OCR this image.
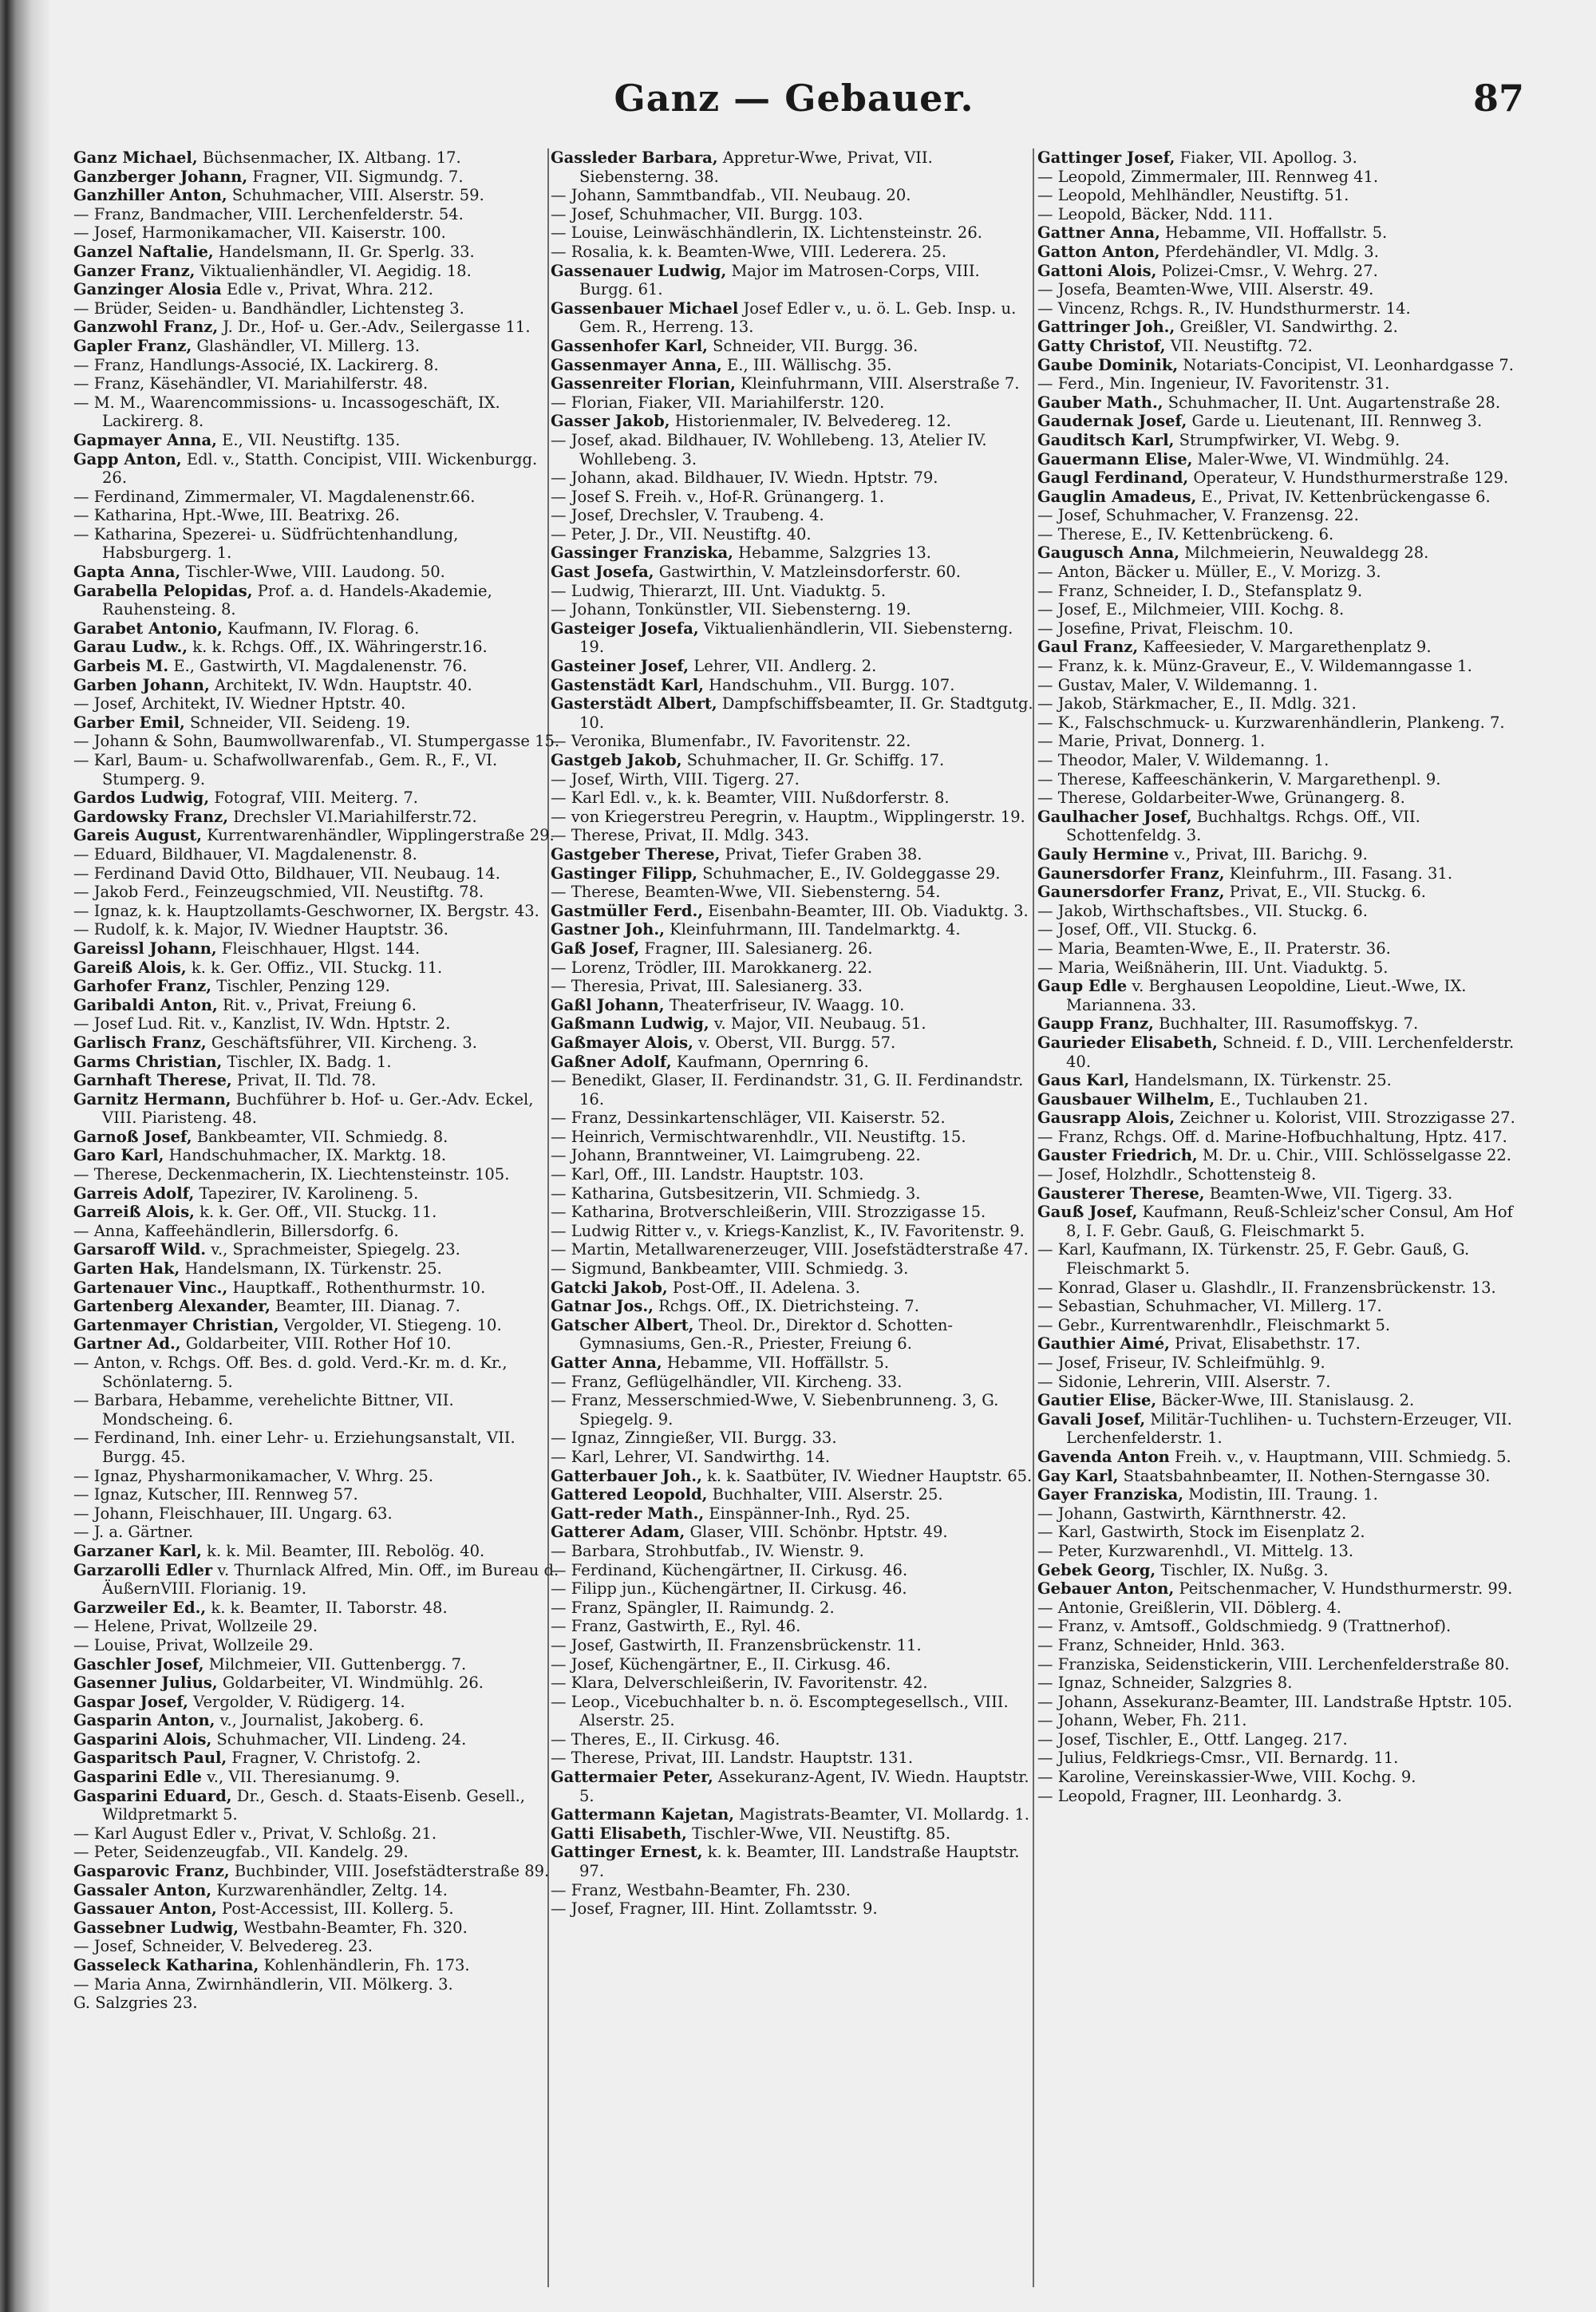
Ganz — Gebauer.	87

Ganz Michael, Büchsenmacher, IX. Altbang. 17.

Ganzberger Johann, Fragner, VII. Sigmundg. 7.

Ganzhiller Anton, Schuhmacher, VIII. Alserstr. 59.

— Franz, Bandmacher, VIII. Lerchenfelderstr. 54.

— Josef, Harmonikamacher, VII. Kaiserstr. 100.

Ganzel Naftalie, Handelsmann, II. Gr. Sperlg. 33.

Ganzer Franz, Viktualienhändler, VI. Aegidig. 18.

Ganzinger Alosia Edle v., Privat, Whra. 212.

— Brüder, Seiden- u. Bandhändler, Lichtensteg 3.

Ganzwohl Franz, J. Dr., Hof- u. Ger.-Adv., Seilergasse 11.

Gapler Franz, Glashändler, VI. Millerg. 13.

— Franz, Handlungs-Associé, IX. Lackirerg. 8.

— Franz, Käsehändler, VI. Mariahilferstr. 48.

— M. M., Waarencommissions- u. Incassogeschäft, IX. Lackirerg. 8.

Gapmayer Anna, E., VII. Neustiftg. 135.

Gapp Anton, Edl. v., Statth. Concipist, VIII. Wickenburgg. 26.

— Ferdinand, Zimmermaler, VI. Magdalenenstr.66.

— Katharina, Hpt.-Wwe, III. Beatrixg. 26.

— Katharina, Spezerei- u. Südfrüchtenhandlung, Habsburgerg. 1.

Gapta Anna, Tischler-Wwe, VIII. Laudong. 50.

Garabella Pelopidas, Prof. a. d. Handels-Akademie, Rauhensteing. 8.

Garabet Antonio, Kaufmann, IV. Florag. 6.

Garau Ludw., k. k. Rchgs. Off., IX. Währingerstr.16.

Garbeis M. E., Gastwirth, VI. Magdalenenstr. 76.

Garben Johann, Architekt, IV. Wdn. Hauptstr. 40.

— Josef, Architekt, IV. Wiedner Hptstr. 40.

Garber Emil, Schneider, VII. Seideng. 19.

— Johann & Sohn, Baumwollwarenfab., VI. Stumpergasse 15.

— Karl, Baum- u. Schafwollwarenfab., Gem. R., F., VI. Stumperg. 9.

Gardos Ludwig, Fotograf, VIII. Meiterg. 7.

Gardowsky Franz, Drechsler VI.Mariahilferstr.72.

Gareis August, Kurrentwarenhändler, Wipplingerstraße 29.

— Eduard, Bildhauer, VI. Magdalenenstr. 8.

— Ferdinand David Otto, Bildhauer, VII. Neubaug. 14.

— Jakob Ferd., Feinzeugschmied, VII. Neustiftg. 78.

— Ignaz, k. k. Hauptzollamts-Geschworner, IX. Bergstr. 43.

— Rudolf, k. k. Major, IV. Wiedner Hauptstr. 36.

Gareissl Johann, Fleischhauer, Hlgst. 144.

Gareiß Alois, k. k. Ger. Offiz., VII. Stuckg. 11.

Garhofer Franz, Tischler, Penzing 129.

Garibaldi Anton, Rit. v., Privat, Freiung 6.

— Josef Lud. Rit. v., Kanzlist, IV. Wdn. Hptstr. 2.

Garlisch Franz, Geschäftsführer, VII. Kircheng. 3.

Garms Christian, Tischler, IX. Badg. 1.

Garnhaft Therese, Privat, II. Tld. 78.

Garnitz Hermann, Buchführer b. Hof- u. Ger.-Adv. Eckel, VIII. Piaristeng. 48.

Garnoß Josef, Bankbeamter, VII. Schmiedg. 8.

Garo Karl, Handschuhmacher, IX. Marktg. 18.

— Therese, Deckenmacherin, IX. Liechtensteinstr. 105.

Garreis Adolf, Tapezirer, IV. Karolineng. 5.

Garreiß Alois, k. k. Ger. Off., VII. Stuckg. 11.

— Anna, Kaffeehändlerin, Billersdorfg. 6.

Garsaroff Wild. v., Sprachmeister, Spiegelg. 23.

Garten Hak, Handelsmann, IX. Türkenstr. 25.

Gartenauer Vinc., Hauptkaff., Rothenthurmstr. 10.

Gartenberg Alexander, Beamter, III. Dianag. 7.

Gartenmayer Christian, Vergolder, VI. Stiegeng. 10.

Gartner Ad., Goldarbeiter, VIII. Rother Hof 10.

— Anton, v. Rchgs. Off. Bes. d. gold. Verd.-Kr. m. d. Kr., Schönlaterng. 5.

— Barbara, Hebamme, verehelichte Bittner, VII. Mondscheing. 6.

— Ferdinand, Inh. einer Lehr- u. Erziehungsanstalt, VII. Burgg. 45.

— Ignaz, Physharmonikamacher, V. Whrg. 25.

— Ignaz, Kutscher, III. Rennweg 57.

— Johann, Fleischhauer, III. Ungarg. 63.

— J. a. Gärtner.

Garzaner Karl, k. k. Mil. Beamter, III. Rebolög. 40.

Garzarolli Edler v. Thurnlack Alfred, Min. Off., im Bureau d. ÄußernVIII. Florianig. 19.

Garzweiler Ed., k. k. Beamter, II. Taborstr. 48.

— Helene, Privat, Wollzeile 29.

— Louise, Privat, Wollzeile 29.

Gaschler Josef, Milchmeier, VII. Guttenbergg. 7.

Gasenner Julius, Goldarbeiter, VI. Windmühlg. 26.

Gaspar Josef, Vergolder, V. Rüdigerg. 14.

Gasparin Anton, v., Journalist, Jakoberg. 6.

Gasparini Alois, Schuhmacher, VII. Lindeng. 24.

Gasparitsch Paul, Fragner, V. Christofg. 2.

Gasparini Edle v., VII. Theresianumg. 9.

Gasparini Eduard, Dr., Gesch. d. Staats-Eisenb. Gesell., Wildpretmarkt 5.

— Karl August Edler v., Privat, V. Schloßg. 21.

— Peter, Seidenzeugfab., VII. Kandelg. 29.

Gasparovic Franz, Buchbinder, VIII. Josefstädterstraße 89.

Gassaler Anton, Kurzwarenhändler, Zeltg. 14.

Gassauer Anton, Post-Accessist, III. Kollerg. 5.

Gassebner Ludwig, Westbahn-Beamter, Fh. 320.

— Josef, Schneider, V. Belvedereg. 23.

Gasseleck Katharina, Kohlenhändlerin, Fh. 173.

— Maria Anna, Zwirnhändlerin, VII. Mölkerg. 3.

G. Salzgries 23.

Gassleder Barbara, Appretur-Wwe, Privat, VII. Siebensterng. 38.

— Johann, Sammtbandfab., VII. Neubaug. 20.

— Josef, Schuhmacher, VII. Burgg. 103.

— Louise, Leinwäschhändlerin, IX. Lichtensteinstr. 26.

— Rosalia, k. k. Beamten-Wwe, VIII. Lederera. 25.

Gassenauer Ludwig, Major im Matrosen-Corps, VIII. Burgg. 61.

Gassenbauer Michael Josef Edler v., u. ö. L. Geb. Insp. u. Gem. R., Herreng. 13.

Gassenhofer Karl, Schneider, VII. Burgg. 36.

Gassenmayer Anna, E., III. Wällischg. 35.

Gassenreiter Florian, Kleinfuhrmann, VIII. Alserstraße 7.

— Florian, Fiaker, VII. Mariahilferstr. 120.

Gasser Jakob, Historienmaler, IV. Belvedereg. 12.

— Josef, akad. Bildhauer, IV. Wohllebeng. 13, Atelier IV. Wohllebeng. 3.

— Johann, akad. Bildhauer, IV. Wiedn. Hptstr. 79.

— Josef S. Freih. v., Hof-R. Grünangerg. 1.

— Josef, Drechsler, V. Traubeng. 4.

— Peter, J. Dr., VII. Neustiftg. 40.

Gassinger Franziska, Hebamme, Salzgries 13.

Gast Josefa, Gastwirthin, V. Matzleinsdorferstr. 60.

— Ludwig, Thierarzt, III. Unt. Viaduktg. 5.

— Johann, Tonkünstler, VII. Siebensterng. 19.

Gasteiger Josefa, Viktualienhändlerin, VII. Siebensterng. 19.

Gasteiner Josef, Lehrer, VII. Andlerg. 2.

Gastenstädt Karl, Handschuhm., VII. Burgg. 107.

Gasterstädt Albert, Dampfschiffsbeamter, II. Gr. Stadtgutg. 10.

— Veronika, Blumenfabr., IV. Favoritenstr. 22.

Gastgeb Jakob, Schuhmacher, II. Gr. Schiffg. 17.

— Josef, Wirth, VIII. Tigerg. 27.

— Karl Edl. v., k. k. Beamter, VIII. Nußdorferstr. 8.

— von Kriegerstreu Peregrin, v. Hauptm., Wipplingerstr. 19.

— Therese, Privat, II. Mdlg. 343.

Gastgeber Therese, Privat, Tiefer Graben 38.

Gastinger Filipp, Schuhmacher, E., IV. Goldeggasse 29.

— Therese, Beamten-Wwe, VII. Siebensterng. 54.

Gastmüller Ferd., Eisenbahn-Beamter, III. Ob. Viaduktg. 3.

Gastner Joh., Kleinfuhrmann, III. Tandelmarktg. 4.

Gaß Josef, Fragner, III. Salesianerg. 26.

— Lorenz, Trödler, III. Marokkanerg. 22.

— Theresia, Privat, III. Salesianerg. 33.

Gaßl Johann, Theaterfriseur, IV. Waagg. 10.

Gaßmann Ludwig, v. Major, VII. Neubaug. 51.

Gaßmayer Alois, v. Oberst, VII. Burgg. 57.

Gaßner Adolf, Kaufmann, Opernring 6.

— Benedikt, Glaser, II. Ferdinandstr. 31, G. II. Ferdinandstr. 16.

— Franz, Dessinkartenschläger, VII. Kaiserstr. 52.

— Heinrich, Vermischtwarenhdlr., VII. Neustiftg. 15.

— Johann, Branntweiner, VI. Laimgrubeng. 22.

— Karl, Off., III. Landstr. Hauptstr. 103.

— Katharina, Gutsbesitzerin, VII. Schmiedg. 3.

— Katharina, Brotverschleißerin, VIII. Strozzigasse 15.

— Ludwig Ritter v., v. Kriegs-Kanzlist, K., IV. Favoritenstr. 9.

— Martin, Metallwarenerzeuger, VIII. Josefstädterstraße 47.

— Sigmund, Bankbeamter, VIII. Schmiedg. 3.

Gatcki Jakob, Post-Off., II. Adelena. 3.

Gatnar Jos., Rchgs. Off., IX. Dietrichsteing. 7.

Gatscher Albert, Theol. Dr., Direktor d. Schotten-Gymnasiums, Gen.-R., Priester, Freiung 6.

Gatter Anna, Hebamme, VII. Hoffällstr. 5.

— Franz, Geflügelhändler, VII. Kircheng. 33.

— Franz, Messerschmied-Wwe, V. Siebenbrunneng. 3, G. Spiegelg. 9.

— Ignaz, Zinngießer, VII. Burgg. 33.

— Karl, Lehrer, VI. Sandwirthg. 14.

Gatterbauer Joh., k. k. Saatbüter, IV. Wiedner Hauptstr. 65.

Gattered Leopold, Buchhalter, VIII. Alserstr. 25.

Gatt-reder Math., Einspänner-Inh., Ryd. 25.

Gatterer Adam, Glaser, VIII. Schönbr. Hptstr. 49.

— Barbara, Strohbutfab., IV. Wienstr. 9.

— Ferdinand, Küchengärtner, II. Cirkusg. 46.

— Filipp jun., Küchengärtner, II. Cirkusg. 46.

— Franz, Spängler, II. Raimundg. 2.

— Franz, Gastwirth, E., Ryl. 46.

— Josef, Gastwirth, II. Franzensbrückenstr. 11.

— Josef, Küchengärtner, E., II. Cirkusg. 46.

— Klara, Delverschleißerin, IV. Favoritenstr. 42.

— Leop., Vicebuchhalter b. n. ö. Escomptegesellsch., VIII. Alserstr. 25.

— Theres, E., II. Cirkusg. 46.

— Therese, Privat, III. Landstr. Hauptstr. 131.

Gattermaier Peter, Assekuranz-Agent, IV. Wiedn. Hauptstr. 5.

Gattermann Kajetan, Magistrats-Beamter, VI. Mollardg. 1.

Gatti Elisabeth, Tischler-Wwe, VII. Neustiftg. 85.

Gattinger Ernest, k. k. Beamter, III. Landstraße Hauptstr. 97.

— Franz, Westbahn-Beamter, Fh. 230.

— Josef, Fragner, III. Hint. Zollamtsstr. 9.

Gattinger Josef, Fiaker, VII. Apollog. 3.

— Leopold, Zimmermaler, III. Rennweg 41.

— Leopold, Mehlhändler, Neustiftg. 51.

— Leopold, Bäcker, Ndd. 111.

Gattner Anna, Hebamme, VII. Hoffallstr. 5.

Gatton Anton, Pferdehändler, VI. Mdlg. 3.

Gattoni Alois, Polizei-Cmsr., V. Wehrg. 27.

— Josefa, Beamten-Wwe, VIII. Alserstr. 49.

— Vincenz, Rchgs. R., IV. Hundsthurmerstr. 14.

Gattringer Joh., Greißler, VI. Sandwirthg. 2.

Gatty Christof, VII. Neustiftg. 72.

Gaube Dominik, Notariats-Concipist, VI. Leonhardgasse 7.

— Ferd., Min. Ingenieur, IV. Favoritenstr. 31.

Gauber Math., Schuhmacher, II. Unt. Augartenstraße 28.

Gaudernak Josef, Garde u. Lieutenant, III. Rennweg 3.

Gauditsch Karl, Strumpfwirker, VI. Webg. 9.

Gauermann Elise, Maler-Wwe, VI. Windmühlg. 24.

Gaugl Ferdinand, Operateur, V. Hundsthurmerstraße 129.

Gauglin Amadeus, E., Privat, IV. Kettenbrückengasse 6.

— Josef, Schuhmacher, V. Franzensg. 22.

— Therese, E., IV. Kettenbrückeng. 6.

Gaugusch Anna, Milchmeierin, Neuwaldegg 28.

— Anton, Bäcker u. Müller, E., V. Morizg. 3.

— Franz, Schneider, I. D., Stefansplatz 9.

— Josef, E., Milchmeier, VIII. Kochg. 8.

— Josefine, Privat, Fleischm. 10.

Gaul Franz, Kaffeesieder, V. Margarethenplatz 9.

— Franz, k. k. Münz-Graveur, E., V. Wildemanngasse 1.

— Gustav, Maler, V. Wildemanng. 1.

— Jakob, Stärkmacher, E., II. Mdlg. 321.

— K., Falschschmuck- u. Kurzwarenhändlerin, Plankeng. 7.

— Marie, Privat, Donnerg. 1.

— Theodor, Maler, V. Wildemanng. 1.

— Therese, Kaffeeschänkerin, V. Margarethenpl. 9.

— Therese, Goldarbeiter-Wwe, Grünangerg. 8.

Gaulhacher Josef, Buchhaltgs. Rchgs. Off., VII. Schottenfeldg. 3.

Gauly Hermine v., Privat, III. Barichg. 9.

Gaunersdorfer Franz, Kleinfuhrm., III. Fasang. 31.

Gaunersdorfer Franz, Privat, E., VII. Stuckg. 6.

— Jakob, Wirthschaftsbes., VII. Stuckg. 6.

— Josef, Off., VII. Stuckg. 6.

— Maria, Beamten-Wwe, E., II. Praterstr. 36.

— Maria, Weißnäherin, III. Unt. Viaduktg. 5.

Gaup Edle v. Berghausen Leopoldine, Lieut.-Wwe, IX. Mariannena. 33.

Gaupp Franz, Buchhalter, III. Rasumoffskyg. 7.

Gaurieder Elisabeth, Schneid. f. D., VIII. Lerchenfelderstr. 40.

Gaus Karl, Handelsmann, IX. Türkenstr. 25.

Gausbauer Wilhelm, E., Tuchlauben 21.

Gausrapp Alois, Zeichner u. Kolorist, VIII. Strozzigasse 27.

— Franz, Rchgs. Off. d. Marine-Hofbuchhaltung, Hptz. 417.

Gauster Friedrich, M. Dr. u. Chir., VIII. Schlösselgasse 22.

— Josef, Holzhdlr., Schottensteig 8.

Gausterer Therese, Beamten-Wwe, VII. Tigerg. 33.

Gauß Josef, Kaufmann, Reuß-Schleiz'scher Consul, Am Hof 8, I. F. Gebr. Gauß, G. Fleischmarkt 5.

— Karl, Kaufmann, IX. Türkenstr. 25, F. Gebr. Gauß, G. Fleischmarkt 5.

— Konrad, Glaser u. Glashdlr., II. Franzensbrückenstr. 13.

— Sebastian, Schuhmacher, VI. Millerg. 17.

— Gebr., Kurrentwarenhdlr., Fleischmarkt 5.

Gauthier Aimé, Privat, Elisabethstr. 17.

— Josef, Friseur, IV. Schleifmühlg. 9.

— Sidonie, Lehrerin, VIII. Alserstr. 7.

Gautier Elise, Bäcker-Wwe, III. Stanislausg. 2.

Gavali Josef, Militär-Tuchlihen- u. Tuchstern-Erzeuger, VII. Lerchenfelderstr. 1.

Gavenda Anton Freih. v., v. Hauptmann, VIII. Schmiedg. 5.

Gay Karl, Staatsbahnbeamter, II. Nothen-Sterngasse 30.

Gayer Franziska, Modistin, III. Traung. 1.

— Johann, Gastwirth, Kärnthnerstr. 42.

— Karl, Gastwirth, Stock im Eisenplatz 2.

— Peter, Kurzwarenhdl., VI. Mittelg. 13.

Gebek Georg, Tischler, IX. Nußg. 3.

Gebauer Anton, Peitschenmacher, V. Hundsthurmerstr. 99.

— Antonie, Greißlerin, VII. Döblerg. 4.

— Franz, v. Amtsoff., Goldschmiedg. 9 (Trattnerhof).

— Franz, Schneider, Hnld. 363.

— Franziska, Seidenstickerin, VIII. Lerchenfelderstraße 80.

— Ignaz, Schneider, Salzgries 8.

— Johann, Assekuranz-Beamter, III. Landstraße Hptstr. 105.

— Johann, Weber, Fh. 211.

— Josef, Tischler, E., Ottf. Langeg. 217.

— Julius, Feldkriegs-Cmsr., VII. Bernardg. 11.

— Karoline, Vereinskassier-Wwe, VIII. Kochg. 9.

— Leopold, Fragner, III. Leonhardg. 3.
